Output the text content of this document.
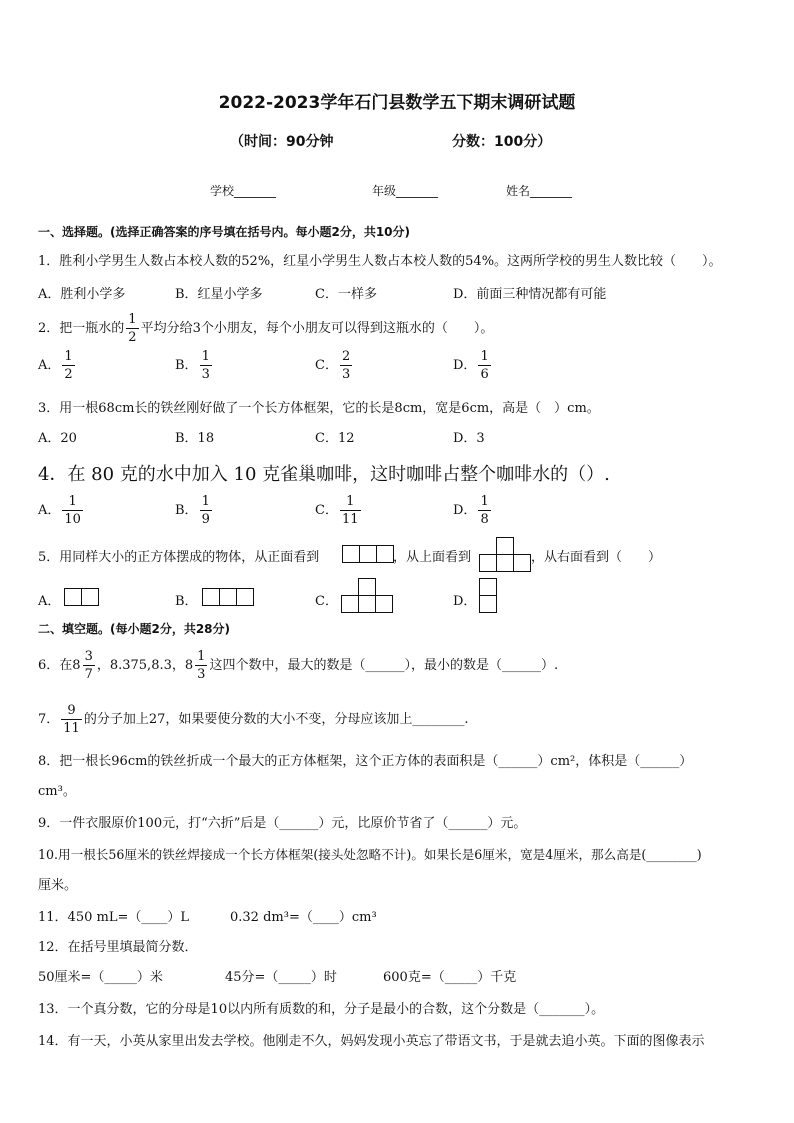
2022-2023学年石门县数学五下期末调研试题
（时间：90分钟	分数：100分）
学校_______	年级_______	姓名_______
一、选择题。(选择正确答案的序号填在括号内。每小题2分，共10分)
1．胜利小学男生人数占本校人数的52%，红星小学男生人数占本校人数的54%。这两所学校的男生人数比较（　　）。
A．胜利小学多	B．红星小学多	C．一样多	D．前面三种情况都有可能
2．把一瓶水的 $\frac{1}{2}$ 平均分给3个小朋友，每个小朋友可以得到这瓶水的（　　）。
A． $\frac{1}{2}$	B． $\frac{1}{3}$	C． $\frac{2}{3}$	D． $\frac{1}{6}$
3．用一根68cm长的铁丝刚好做了一个长方体框架，它的长是8cm，宽是6cm，高是（　）cm。
A．20	B．18	C．12	D．3
4．在 80 克的水中加入 10 克雀巢咖啡，这时咖啡占整个咖啡水的（）.
A． $\frac{1}{10}$	B． $\frac{1}{9}$	C． $\frac{1}{11}$	D． $\frac{1}{8}$
5．用同样大小的正方体摆成的物体，从正面看到	，从上面看到	，从右面看到（　　）
A．	B．	C．	D．
二、填空题。(每小题2分，共28分)
6．在$8 \frac{3}{7}$ ，8.375,8.3，$8 \frac{1}{3}$ 这四个数中，最大的数是（______），最小的数是（______）.
7． $\frac{9}{11}$ 的分子加上27，如果要使分数的大小不变，分母应该加上________.
8．把一根长96cm的铁丝折成一个最大的正方体框架，这个正方体的表面积是（______）cm²，体积是（______）
cm³。
9．一件衣服原价100元，打“六折”后是（______）元，比原价节省了（______）元。
10.用一根长56厘米的铁丝焊接成一个长方体框架(接头处忽略不计)。如果长是6厘米，宽是4厘米，那么高是(________)
厘米。
11．450 mL=（____）L	0.32 dm³=（____）cm³
12．在括号里填最简分数．
50厘米=（_____）米	45分=（_____）时	600克=（_____）千克
13．一个真分数，它的分母是10以内所有质数的和，分子是最小的合数，这个分数是（_______）。
14．有一天，小英从家里出发去学校。他刚走不久，妈妈发现小英忘了带语文书，于是就去追小英。下面的图像表示
